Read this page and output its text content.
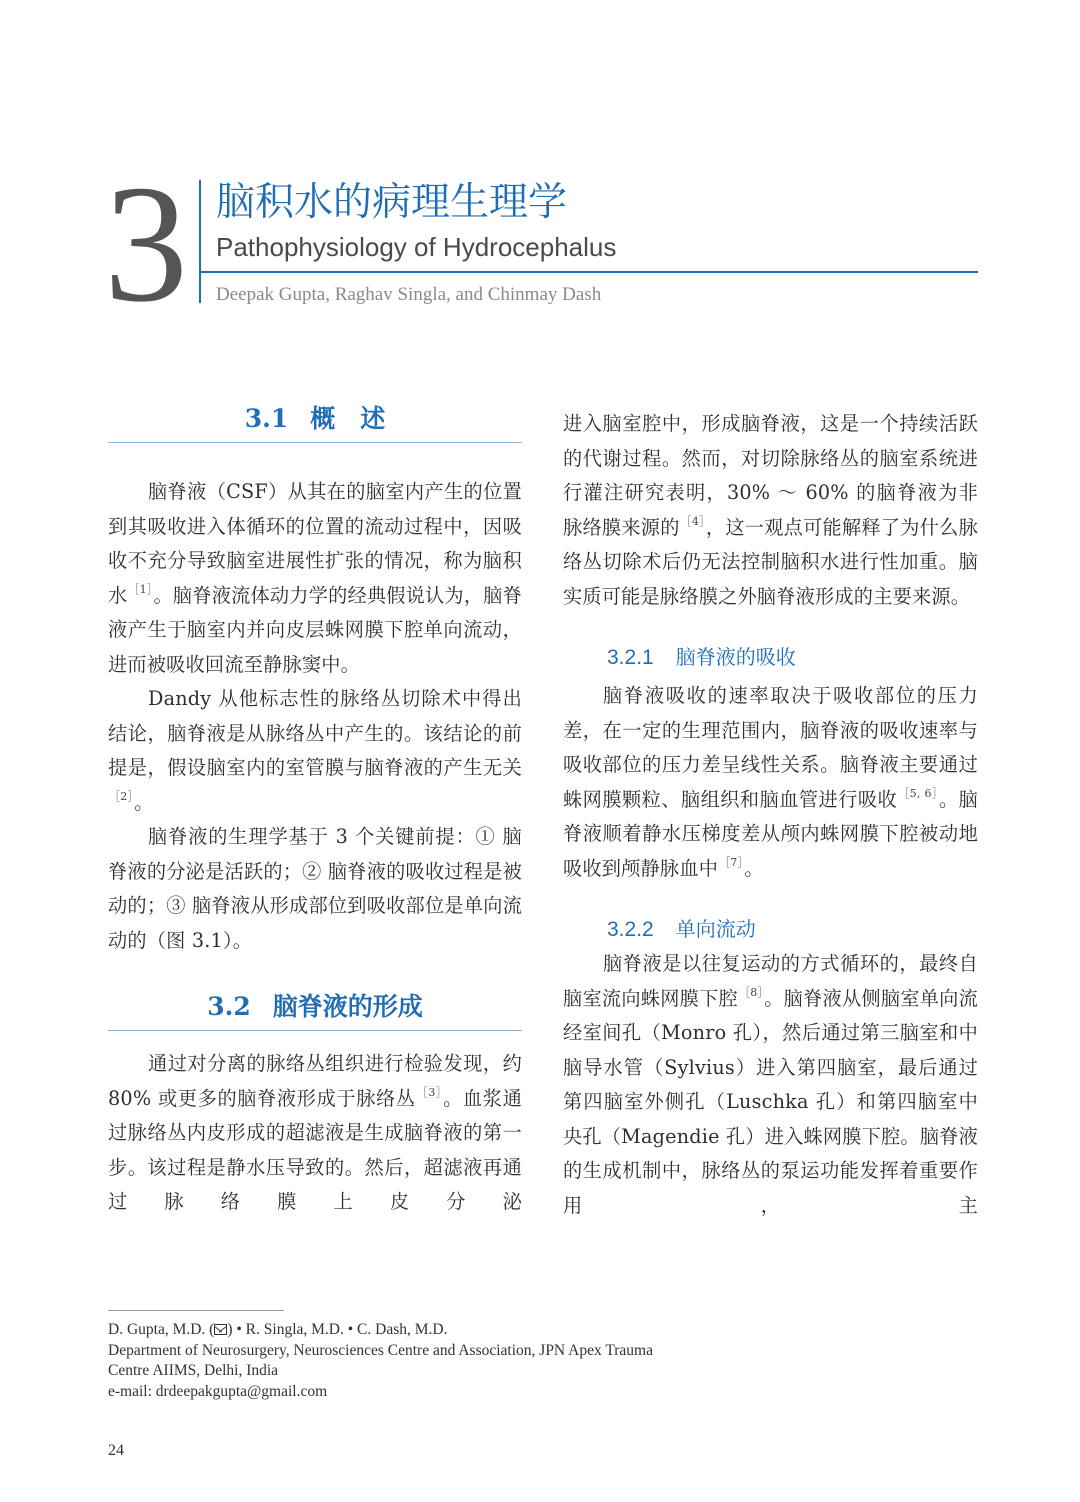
3 脑积水的病理生理学
Pathophysiology of Hydrocephalus
Deepak Gupta, Raghav Singla, and Chinmay Dash
3.1 概　述

脑脊液（CSF）从其在的脑室内产生的位置到其吸收进入体循环的位置的流动过程中，因吸收不充分导致脑室进展性扩张的情况，称为脑积水$^{[1]}$。脑脊液流体动力学的经典假说认为，脑脊液产生于脑室内并向皮层蛛网膜下腔单向流动，进而被吸收回流至静脉窦中。

Dandy 从他标志性的脉络丛切除术中得出结论，脑脊液是从脉络丛中产生的。该结论的前提是，假设脑室内的室管膜与脑脊液的产生无关$^{[2]}$。

脑脊液的生理学基于 3 个关键前提：① 脑脊液的分泌是活跃的；② 脑脊液的吸收过程是被动的；③ 脑脊液从形成部位到吸收部位是单向流动的（图 3.1）。

3.2 脑脊液的形成

通过对分离的脉络丛组织进行检验发现，约 80% 或更多的脑脊液形成于脉络丛$^{[3]}$。血浆通过脉络丛内皮形成的超滤液是生成脑脊液的第一步。该过程是静水压导致的。然后，超滤液再通过脉络膜上皮分泌

进入脑室腔中，形成脑脊液，这是一个持续活跃的代谢过程。然而，对切除脉络丛的脑室系统进行灌注研究表明，30% ～ 60% 的脑脊液为非脉络膜来源的$^{[4]}$，这一观点可能解释了为什么脉络丛切除术后仍无法控制脑积水进行性加重。脑实质可能是脉络膜之外脑脊液形成的主要来源。

3.2.1 脑脊液的吸收

脑脊液吸收的速率取决于吸收部位的压力差，在一定的生理范围内，脑脊液的吸收速率与吸收部位的压力差呈线性关系。脑脊液主要通过蛛网膜颗粒、脑组织和脑血管进行吸收$^{[5, 6]}$。脑脊液顺着静水压梯度差从颅内蛛网膜下腔被动地吸收到颅静脉血中$^{[7]}$。

3.2.2 单向流动

脑脊液是以往复运动的方式循环的，最终自脑室流向蛛网膜下腔$^{[8]}$。脑脊液从侧脑室单向流经室间孔（Monro 孔），然后通过第三脑室和中脑导水管（Sylvius）进入第四脑室，最后通过第四脑室外侧孔（Luschka 孔）和第四脑室中央孔（Magendie 孔）进入蛛网膜下腔。脑脊液的生成机制中，脉络丛的泵运功能发挥着重要作用，主

D. Gupta, M.D. ( ) • R. Singla, M.D. • C. Dash, M.D.
Department of Neurosurgery, Neurosciences Centre and Association, JPN Apex Trauma
Centre AIIMS, Delhi, India
e-mail: drdeepakgupta@gmail.com
24
